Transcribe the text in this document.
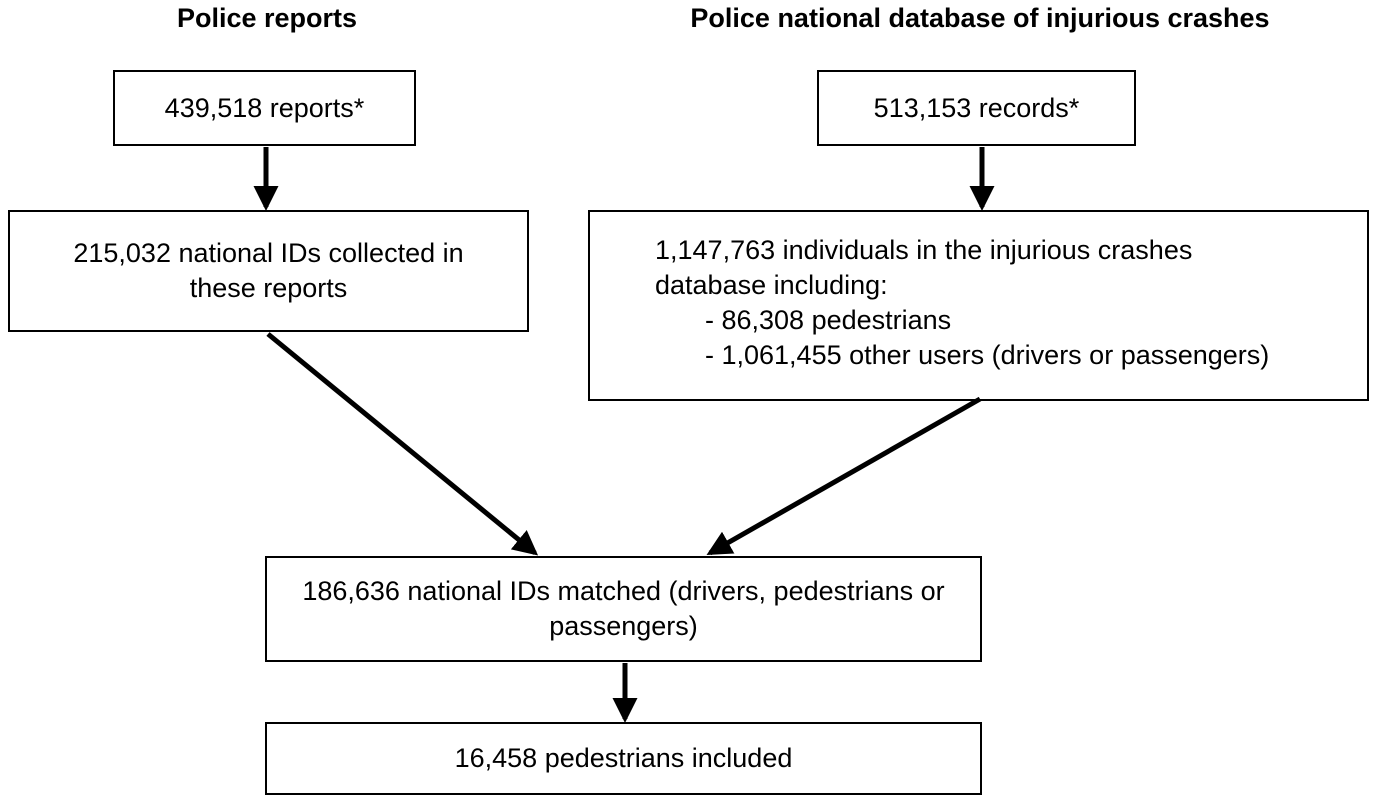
Police reports	Police national database of injurious crashes
439,518 reports*	513,153 records*
215,032 national IDs collected in these reports
1,147,763 individuals in the injurious crashes
database including:
- 86,308 pedestrians
- 1,061,455 other users (drivers or passengers)
186,636 national IDs matched (drivers, pedestrians or passengers)
16,458 pedestrians included
